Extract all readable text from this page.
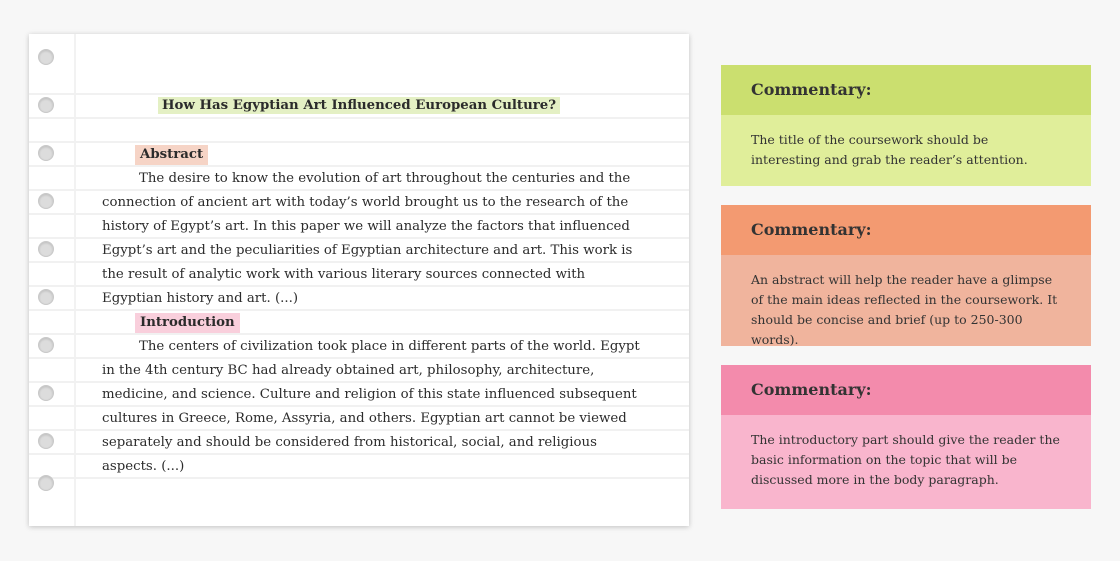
How Has Egyptian Art Influenced European Culture?
Abstract

The desire to know the evolution of art throughout the centuries and the connection of ancient art with today’s world brought us to the research of the history of Egypt’s art. In this paper we will analyze the factors that influenced Egypt’s art and the peculiarities of Egyptian architecture and art. This work is the result of analytic work with various literary sources connected with Egyptian history and art. (...)

Introduction

The centers of civilization took place in different parts of the world. Egypt in the 4th century BC had already obtained art, philosophy, architecture, medicine, and science. Culture and religion of this state influenced subsequent cultures in Greece, Rome, Assyria, and others. Egyptian art cannot be viewed separately and should be considered from historical, social, and religious aspects. (...)

Commentary:
The title of the coursework should be interesting and grab the reader’s attention.
Commentary:
An abstract will help the reader have a glimpse of the main ideas reflected in the coursework. It should be concise and brief (up to 250-300 words).
Commentary:
The introductory part should give the reader the basic information on the topic that will be discussed more in the body paragraph.
